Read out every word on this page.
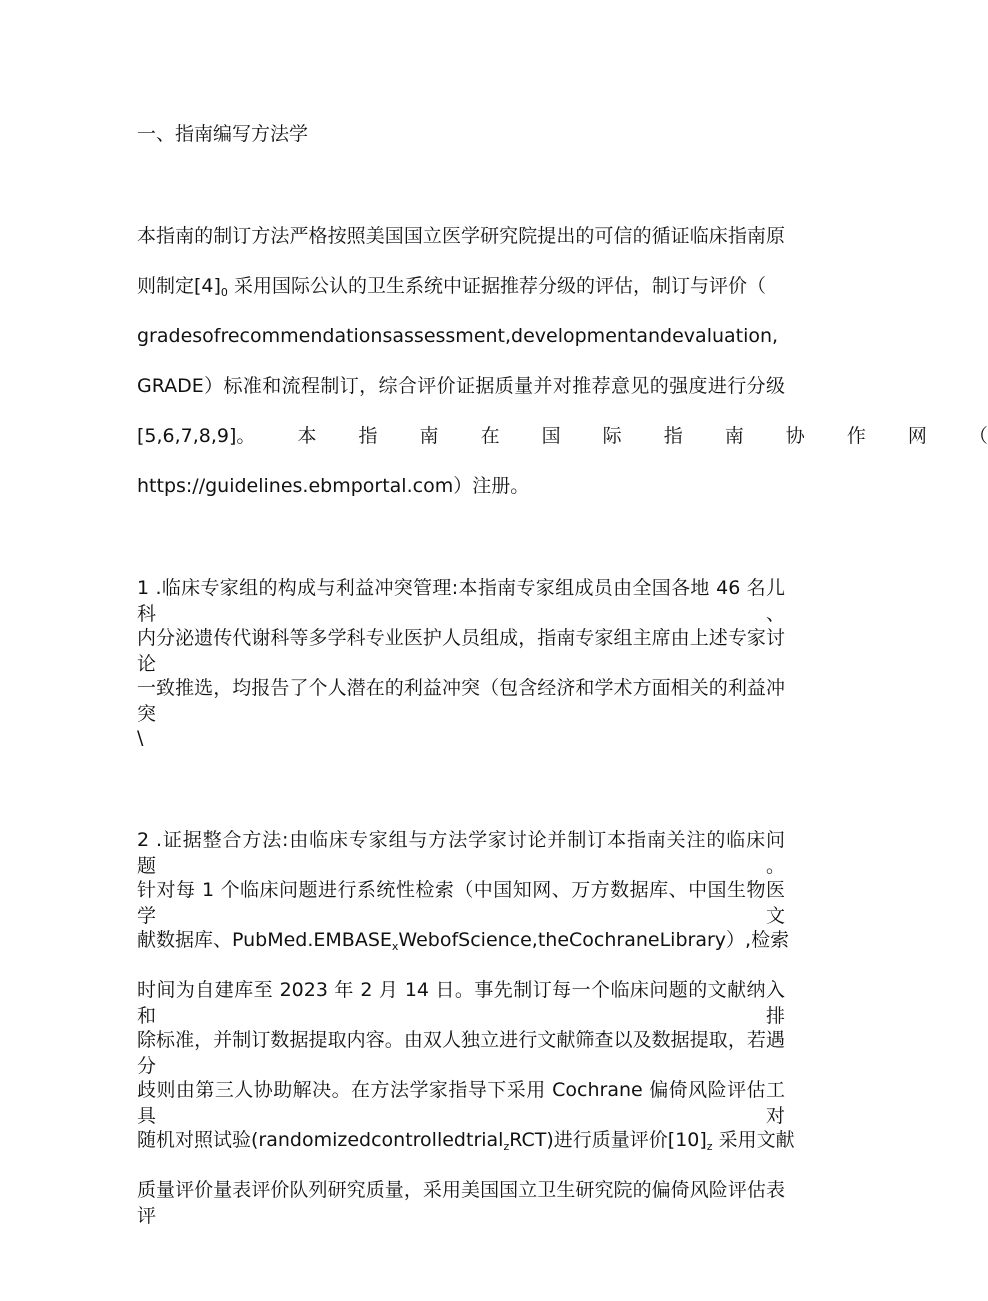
一、指南编写方法学
本指南的制订方法严格按照美国国立医学研究院提出的可信的循证临床指南原
则制定$[4]_0$ 采用国际公认的卫生系统中证据推荐分级的评估，制订与评价（
gradesofrecommendationsassessment,developmentandevaluation,
GRADE）标准和流程制订，综合评价证据质量并对推荐意见的强度进行分级
[5,6,7,8,9]。 本 指 南 在 国 际 指 南 协 作 网 （
https://guidelines.ebmportal.com）注册。
1 .临床专家组的构成与利益冲突管理:本指南专家组成员由全国各地 46 名儿科、
内分泌遗传代谢科等多学科专业医护人员组成，指南专家组主席由上述专家讨论
一致推选，均报告了个人潜在的利益冲突（包含经济和学术方面相关的利益冲突
\
2 .证据整合方法:由临床专家组与方法学家讨论并制订本指南关注的临床问题。
针对每 1 个临床问题进行系统性检索（中国知网、万方数据库、中国生物医学文
献数据库、$PubMed.EMBASE_xWebofScience,theCochraneLibrary$）,检索
时间为自建库至 2023 年 2 月 14 日。事先制订每一个临床问题的文献纳入和排
除标准，并制订数据提取内容。由双人独立进行文献筛查以及数据提取，若遇分
歧则由第三人协助解决。在方法学家指导下采用 Cochrane 偏倚风险评估工具对
随机对照试验(randomizedcontrolledtrial$_z$RCT)进行质量评价$[10]_z$ 采用文献
质量评价量表评价队列研究质量，采用美国国立卫生研究院的偏倚风险评估表评
